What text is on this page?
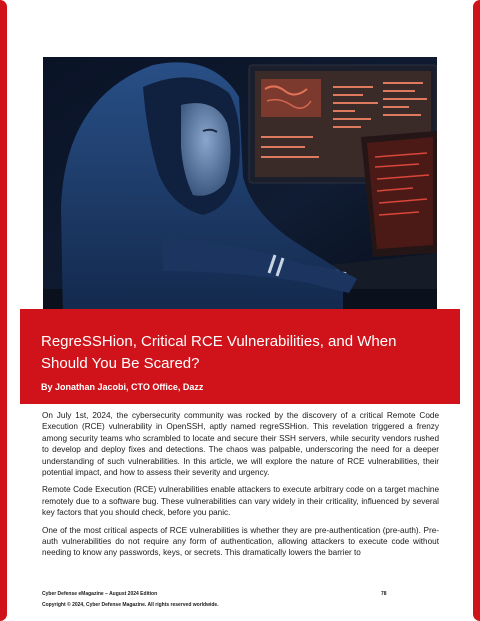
RegreSSHion, Critical RCE Vulnerabilities, and When Should You Be Scared?

By Jonathan Jacobi, CTO Office, Dazz

On July 1st, 2024, the cybersecurity community was rocked by the discovery of a critical Remote Code Execution (RCE) vulnerability in OpenSSH, aptly named regreSSHion. This revelation triggered a frenzy among security teams who scrambled to locate and secure their SSH servers, while security vendors rushed to develop and deploy fixes and detections. The chaos was palpable, underscoring the need for a deeper understanding of such vulnerabilities. In this article, we will explore the nature of RCE vulnerabilities, their potential impact, and how to assess their severity and urgency.

Remote Code Execution (RCE) vulnerabilities enable attackers to execute arbitrary code on a target machine remotely due to a software bug. These vulnerabilities can vary widely in their criticality, influenced by several key factors that you should check, before you panic.

One of the most critical aspects of RCE vulnerabilities is whether they are pre-authentication (pre-auth). Pre-auth vulnerabilities do not require any form of authentication, allowing attackers to execute code without needing to know any passwords, keys, or secrets. This dramatically lowers the barrier to

Cyber Defense eMagazine – August 2024 Edition	78
Copyright © 2024, Cyber Defense Magazine. All rights reserved worldwide.
